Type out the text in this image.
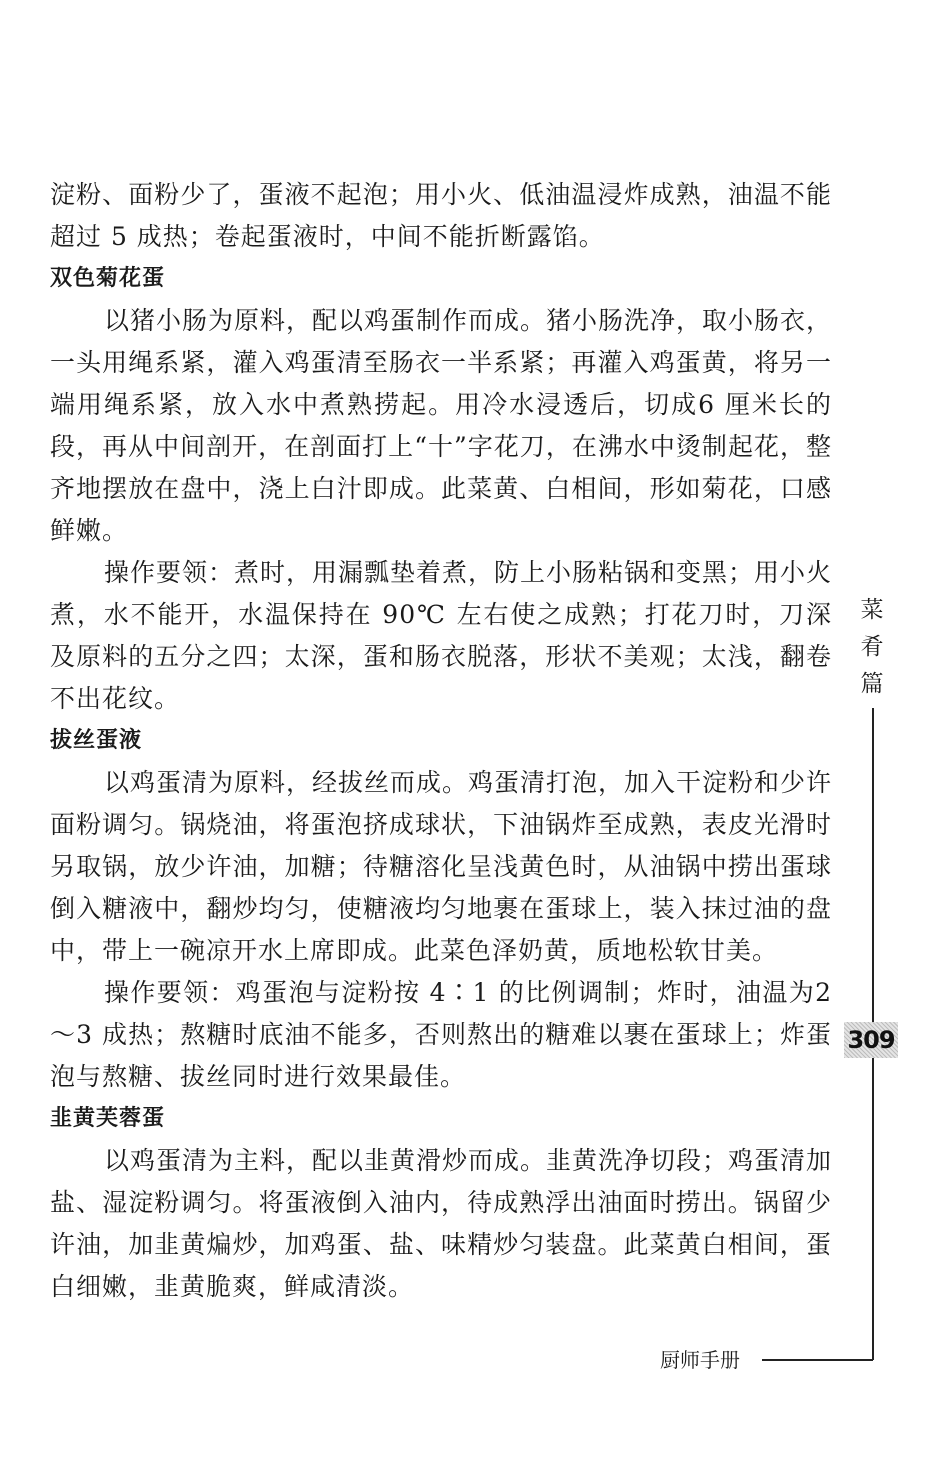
淀粉、面粉少了，蛋液不起泡；用小火、低油温浸炸成熟，油温不能超过 5 成热；卷起蛋液时，中间不能折断露馅。

双色菊花蛋

以猪小肠为原料，配以鸡蛋制作而成。猪小肠洗净，取小肠衣，一头用绳系紧，灌入鸡蛋清至肠衣一半系紧；再灌入鸡蛋黄，将另一端用绳系紧，放入水中煮熟捞起。用冷水浸透后，切成6 厘米长的段，再从中间剖开，在剖面打上“十”字花刀，在沸水中烫制起花，整齐地摆放在盘中，浇上白汁即成。此菜黄、白相间，形如菊花，口感鲜嫩。

操作要领：煮时，用漏瓢垫着煮，防上小肠粘锅和变黑；用小火煮，水不能开，水温保持在 90℃ 左右使之成熟；打花刀时，刀深及原料的五分之四；太深，蛋和肠衣脱落，形状不美观；太浅，翻卷不出花纹。

拔丝蛋液

以鸡蛋清为原料，经拔丝而成。鸡蛋清打泡，加入干淀粉和少许面粉调匀。锅烧油，将蛋泡挤成球状，下油锅炸至成熟，表皮光滑时另取锅，放少许油，加糖；待糖溶化呈浅黄色时，从油锅中捞出蛋球倒入糖液中，翻炒均匀，使糖液均匀地裹在蛋球上，装入抹过油的盘中，带上一碗凉开水上席即成。此菜色泽奶黄，质地松软甘美。

操作要领：鸡蛋泡与淀粉按 4∶1 的比例调制；炸时，油温为2～3 成热；熬糖时底油不能多，否则熬出的糖难以裹在蛋球上；炸蛋泡与熬糖、拔丝同时进行效果最佳。

韭黄芙蓉蛋

以鸡蛋清为主料，配以韭黄滑炒而成。韭黄洗净切段；鸡蛋清加盐、湿淀粉调匀。将蛋液倒入油内，待成熟浮出油面时捞出。锅留少许油，加韭黄煸炒，加鸡蛋、盐、味精炒匀装盘。此菜黄白相间，蛋白细嫩，韭黄脆爽，鲜咸清淡。

菜
肴
篇
309
厨师手册
